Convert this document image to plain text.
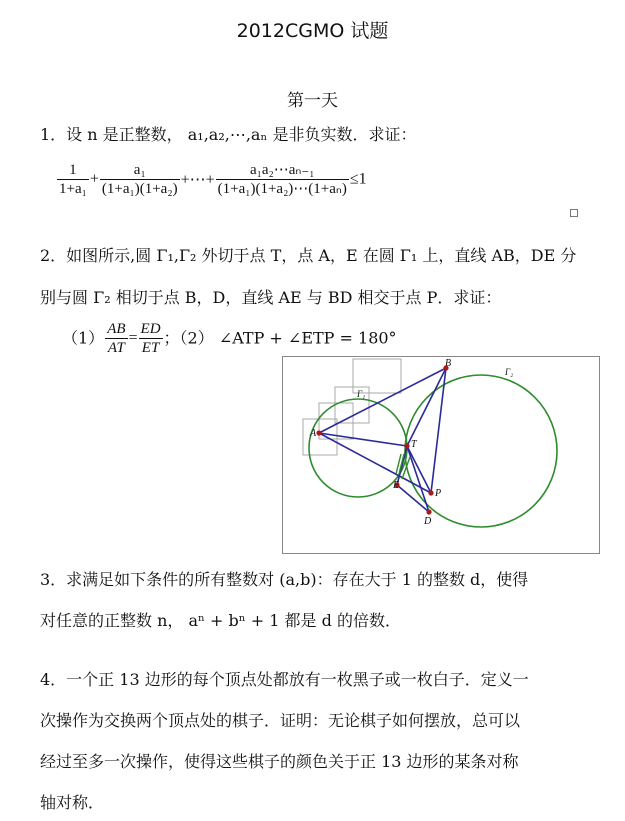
2012CGMO 试题
第一天
1．设 n 是正整数， a₁,a₂,⋯,aₙ 是非负实数．求证：
$\frac{1}{\text{1+a₁}} + \frac{\text{a₁}}{\text{(1+a₁)(1+a₂)}}$ +⋯+ $\frac{\text{a₁a₂⋯aₙ₋₁}}{\text{(1+a₁)(1+a₂)⋯(1+aₙ)}} \le 1$
2．如图所示,圆 Γ₁,Γ₂ 外切于点 T，点 A，E 在圆 Γ₁ 上，直线 AB，DE 分
别与圆 Γ₂ 相切于点 B，D，直线 AE 与 BD 相交于点 P．求证：
$(1) \frac{AB}{AT} = \frac{ED}{ET}$ ；（2） ∠ATP + ∠ETP = 180°
A
B
T
E
P
D
Γ₁
Γ₂
3．求满足如下条件的所有整数对 (a,b)：存在大于 1 的整数 d，使得
对任意的正整数 n， aⁿ + bⁿ + 1 都是 d 的倍数．
4．一个正 13 边形的每个顶点处都放有一枚黑子或一枚白子．定义一
次操作为交换两个顶点处的棋子．证明：无论棋子如何摆放，总可以
经过至多一次操作，使得这些棋子的颜色关于正 13 边形的某条对称
轴对称．
